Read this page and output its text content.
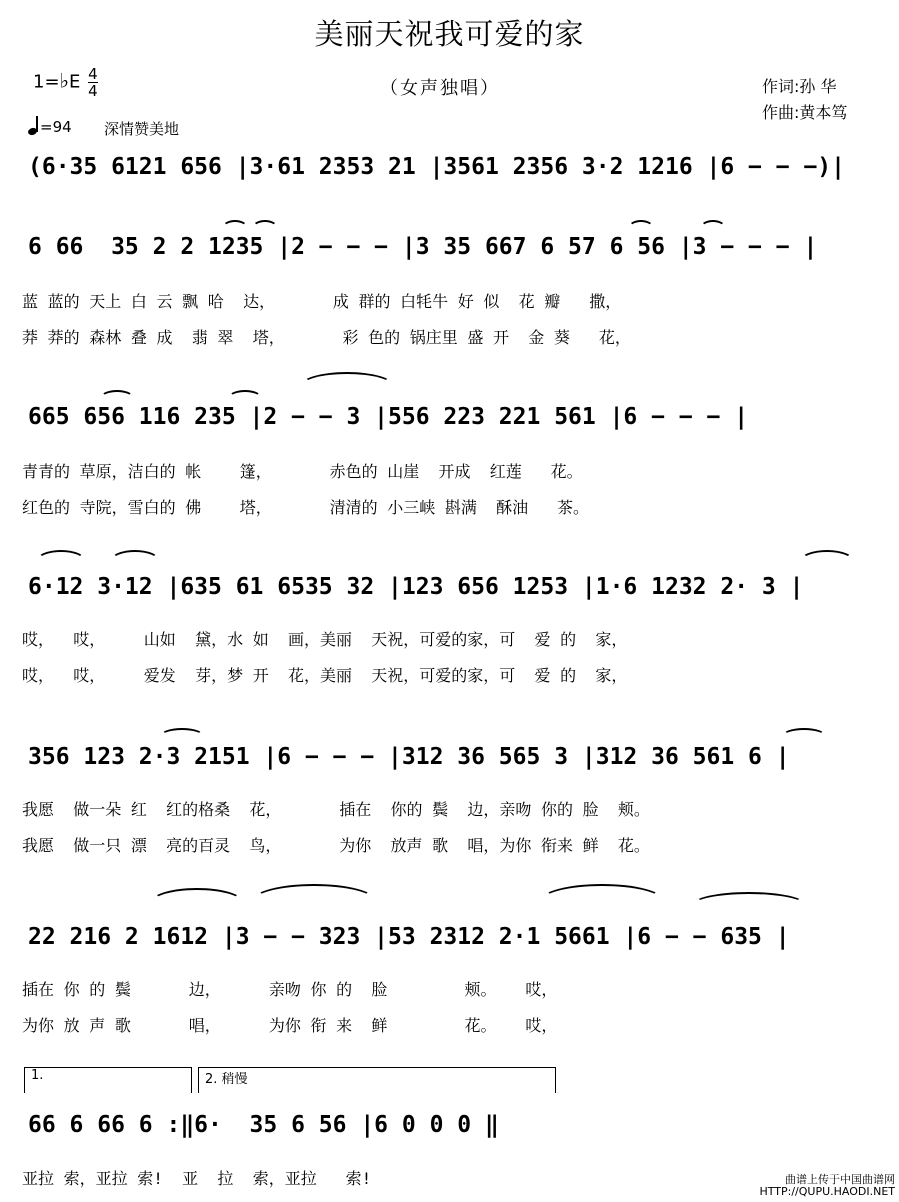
美丽天祝我可爱的家
（女声独唱）
1=♭E $\frac{4}{4}$
=94 深情赞美地
作词:孙 华
作曲:黄本笃
(6·35 6121 656 |3·61 2353 21 |3561 2356 3·2 1216 |6 − − −)|
6 66  35 2 2 1235 |2 − − − |3 35 667 6 57 6 56 |3 − − − |
蓝 蓝的 天上 白 云 飘 哈  达，      成 群的 白牦牛 好 似  花 瓣   撒，
莽 莽的 森林 叠 成  翡 翠  塔，      彩 色的 锅庄里 盛 开  金 葵   花，
665 656 116 235 |2 − − 3 |556 223 221 561 |6 − − − |
青青的 草原，洁白的 帐    篷，      赤色的 山崖  开成  红莲   花。
红色的 寺院，雪白的 佛    塔，      清清的 小三峡 斟满  酥油   茶。
6·12 3·12 |635 61 6535 32 |123 656 1253 |1·6 1232 2· 3 |
哎，  哎，    山如  黛，水 如  画，美丽  天祝，可爱的家，可  爱 的  家，
哎，  哎，    爱发  芽，梦 开  花，美丽  天祝，可爱的家，可  爱 的  家，
356 123 2·3 2151 |6 − − − |312 36 565 3 |312 36 561 6 |
我愿  做一朵 红  红的格桑  花，      插在  你的 鬓  边，亲吻 你的 脸  颊。
我愿  做一只 漂  亮的百灵  鸟，      为你  放声 歌  唱，为你 衔来 鲜  花。
22 216 2 1612 |3 − − 323 |53 2312 2·1 5661 |6 − − 635 |
插在 你 的 鬓      边，     亲吻 你 的  脸        颊。   哎，
为你 放 声 歌      唱，     为你 衔 来  鲜        花。   哎，
1.	2. 稍慢
66 6 66 6 :‖6·  35 6 56 |6 0 0 0 ‖
亚拉 索，亚拉 索!  亚  拉  索，亚拉   索!	曲谱上传于中国曲谱网
HTTP://QUPU.HAODI.NET
